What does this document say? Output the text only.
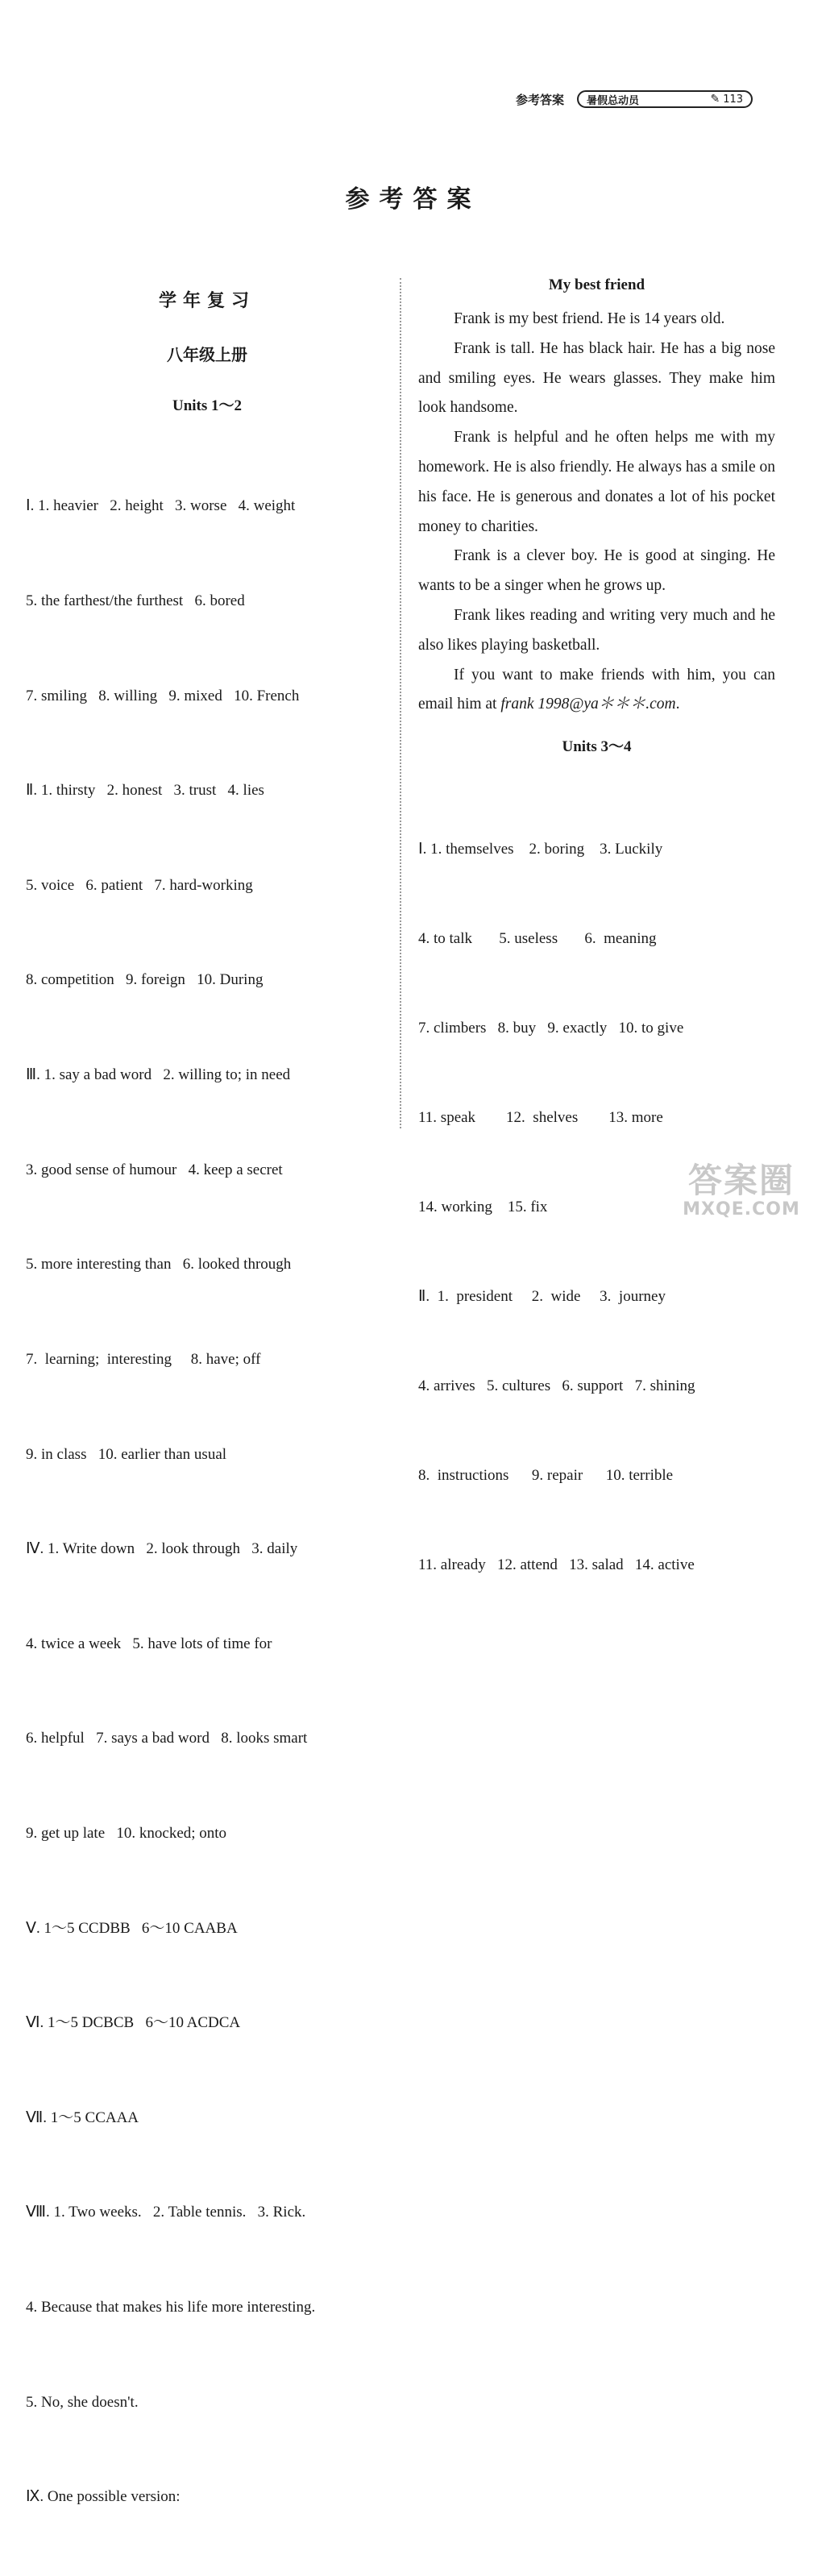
参考答案 暑假总动员	✎ 113
参考答案
学年复习
八年级上册
Units 1～2

Ⅰ. 1. heavier   2. height   3. worse   4. weight

5. the farthest/the furthest   6. bored

7. smiling   8. willing   9. mixed   10. French

Ⅱ. 1. thirsty   2. honest   3. trust   4. lies

5. voice   6. patient   7. hard-working

8. competition   9. foreign   10. During

Ⅲ. 1. say a bad word   2. willing to; in need

3. good sense of humour   4. keep a secret

5. more interesting than   6. looked through

7.  learning;  interesting     8. have; off

9. in class   10. earlier than usual

Ⅳ. 1. Write down   2. look through   3. daily

4. twice a week   5. have lots of time for

6. helpful   7. says a bad word   8. looks smart

9. get up late   10. knocked; onto

Ⅴ. 1～5 CCDBB   6～10 CAABA

Ⅵ. 1～5 DCBCB   6～10 ACDCA

Ⅶ. 1～5 CCAAA

Ⅷ. 1. Two weeks.   2. Table tennis.   3. Rick.

4. Because that makes his life more interesting.

5. No, she doesn't.

Ⅸ. One possible version:

My best friend

Frank is my best friend. He is 14 years old.

Frank is tall. He has black hair. He has a big nose and smiling eyes. He wears glasses. They make him look handsome.

Frank is helpful and he often helps me with my homework. He is also friendly. He always has a smile on his face. He is generous and donates a lot of his pocket money to charities.

Frank is a clever boy. He is good at singing. He wants to be a singer when he grows up.

Frank likes reading and writing very much and he also likes playing basketball.

If you want to make friends with him, you can email him at frank 1998@ya＊＊＊.com.

Units 3～4

Ⅰ. 1. themselves    2. boring    3. Luckily

4. to talk       5. useless       6.  meaning

7. climbers   8. buy   9. exactly   10. to give

11. speak        12.  shelves        13. more

14. working    15. fix

Ⅱ.  1.  president     2.  wide     3.  journey

4. arrives   5. cultures   6. support   7. shining

8.  instructions      9. repair      10. terrible

11. already   12. attend   13. salad   14. active

答案圈
MXQE.COM
